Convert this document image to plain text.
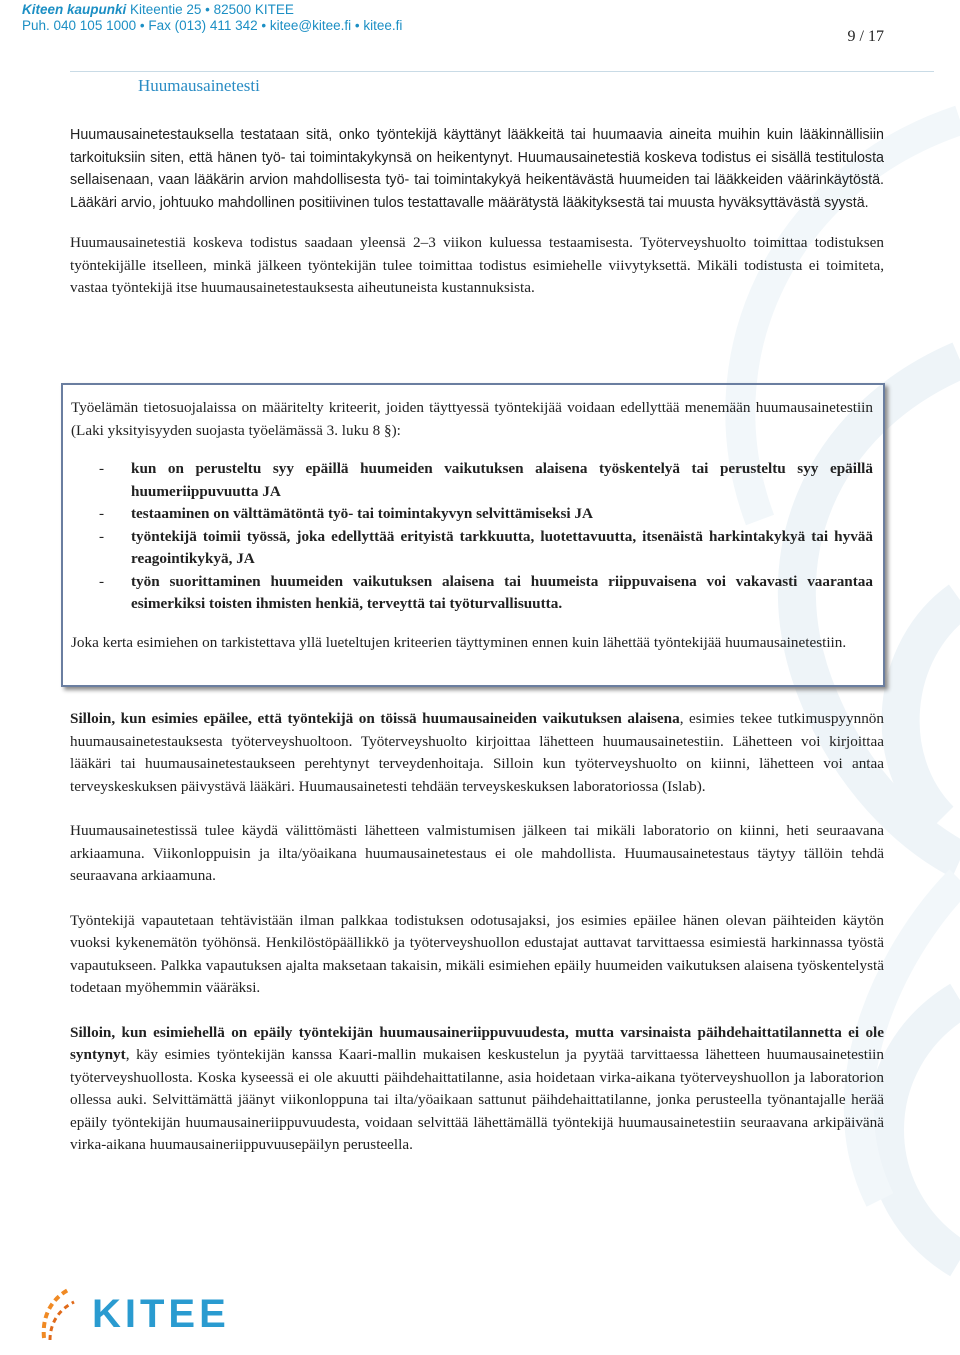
Kiteen kaupunki Kiteentie 25 • 82500 KITEE
Puh. 040 105 1000 • Fax (013) 411 342 • kitee@kitee.fi • kitee.fi
9 / 17
Huumausainetesti

Huumausainetestauksella testataan sitä, onko työntekijä käyttänyt lääkkeitä tai huumaavia aineita muihin kuin lääkinnällisiin tarkoituksiin siten, että hänen työ- tai toimintakykynsä on heikentynyt. Huumausainetestiä koskeva todistus ei sisällä testitulosta sellaisenaan, vaan lääkärin arvion mahdollisesta työ- tai toimintakykyä heikentävästä huumeiden tai lääkkeiden väärinkäytöstä. Lääkäri arvio, johtuuko mahdollinen positiivinen tulos testattavalle määrätystä lääkityksestä tai muusta hyväksyttävästä syystä.

Huumausainetestiä koskeva todistus saadaan yleensä 2–3 viikon kuluessa testaamisesta. Työterveyshuolto toimittaa todistuksen työntekijälle itselleen, minkä jälkeen työntekijän tulee toimittaa todistus esimiehelle viivytyksettä. Mikäli todistusta ei toimiteta, vastaa työntekijä itse huumausainetestauksesta aiheutuneista kustannuksista.

Työelämän tietosuojalaissa on määritelty kriteerit, joiden täyttyessä työntekijää voidaan edellyttää menemään huumausainetestiin (Laki yksityisyyden suojasta työelämässä 3. luku 8 §):

- kun on perusteltu syy epäillä huumeiden vaikutuksen alaisena työskentelyä tai perusteltu syy epäillä huumeriippuvuutta JA
- testaaminen on välttämätöntä työ- tai toimintakyvyn selvittämiseksi JA
- työntekijä toimii työssä, joka edellyttää erityistä tarkkuutta, luotettavuutta, itsenäistä harkintakykyä tai hyvää reagointikykyä, JA
- työn suorittaminen huumeiden vaikutuksen alaisena tai huumeista riippuvaisena voi vakavasti vaarantaa esimerkiksi toisten ihmisten henkiä, terveyttä tai työturvallisuutta.

Joka kerta esimiehen on tarkistettava yllä lueteltujen kriteerien täyttyminen ennen kuin lähettää työntekijää huumausainetestiin.

Silloin, kun esimies epäilee, että työntekijä on töissä huumausaineiden vaikutuksen alaisena, esimies tekee tutkimuspyynnön huumausainetestauksesta työterveyshuoltoon. Työterveyshuolto kirjoittaa lähetteen huumausainetestiin. Lähetteen voi kirjoittaa lääkäri tai huumausainetestaukseen perehtynyt terveydenhoitaja. Silloin kun työterveyshuolto on kiinni, lähetteen voi antaa terveyskeskuksen päivystävä lääkäri. Huumausainetesti tehdään terveyskeskuksen laboratoriossa (Islab).

Huumausainetestissä tulee käydä välittömästi lähetteen valmistumisen jälkeen tai mikäli laboratorio on kiinni, heti seuraavana arkiaamuna. Viikonloppuisin ja ilta/yöaikana huumausainetestaus ei ole mahdollista. Huumausainetestaus täytyy tällöin tehdä seuraavana arkiaamuna.

Työntekijä vapautetaan tehtävistään ilman palkkaa todistuksen odotusajaksi, jos esimies epäilee hänen olevan päihteiden käytön vuoksi kykenemätön työhönsä. Henkilöstöpäällikkö ja työterveyshuollon edustajat auttavat tarvittaessa esimiestä harkinnassa työstä vapautukseen. Palkka vapautuksen ajalta maksetaan takaisin, mikäli esimiehen epäily huumeiden vaikutuksen alaisena työskentelystä todetaan myöhemmin vääräksi.

Silloin, kun esimiehellä on epäily työntekijän huumausaineriippuvuudesta, mutta varsinaista päihdehaittatilannetta ei ole syntynyt, käy esimies työntekijän kanssa Kaari-mallin mukaisen keskustelun ja pyytää tarvittaessa lähetteen huumausainetestiin työterveyshuollosta. Koska kyseessä ei ole akuutti päihdehaittatilanne, asia hoidetaan virka-aikana työterveyshuollon ja laboratorion ollessa auki. Selvittämättä jäänyt viikonloppuna tai ilta/yöaikaan sattunut päihdehaittatilanne, jonka perusteella työnantajalle herää epäily työntekijän huumausaineriippuvuudesta, voidaan selvittää lähettämällä työntekijä huumausainetestiin seuraavana arkipäivänä virka-aikana huumausaineriippuvuusepäilyn perusteella.

KITEE
